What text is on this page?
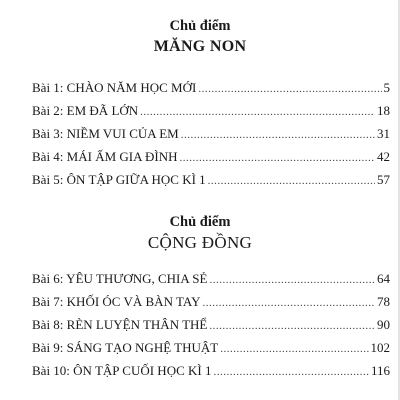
Chủ điểm
MĂNG NON
Bài 1: CHÀO NĂM HỌC MỚI .....	5
Bài 2: EM ĐÃ LỚN .....	18
Bài 3: NIỀM VUI CỦA EM .....	31
Bài 4: MÁI ẤM GIA ĐÌNH .....	42
Bài 5: ÔN TẬP GIỮA HỌC KÌ 1 .....	57
Chủ điểm
CỘNG ĐỒNG
Bài 6: YÊU THƯƠNG, CHIA SẺ .....	64
Bài 7: KHỐI ÓC VÀ BÀN TAY .....	78
Bài 8: RÈN LUYỆN THÂN THỂ .....	90
Bài 9: SÁNG TẠO NGHỆ THUẬT .....	102
Bài 10: ÔN TẬP CUỐI HỌC KÌ 1 .....	116
